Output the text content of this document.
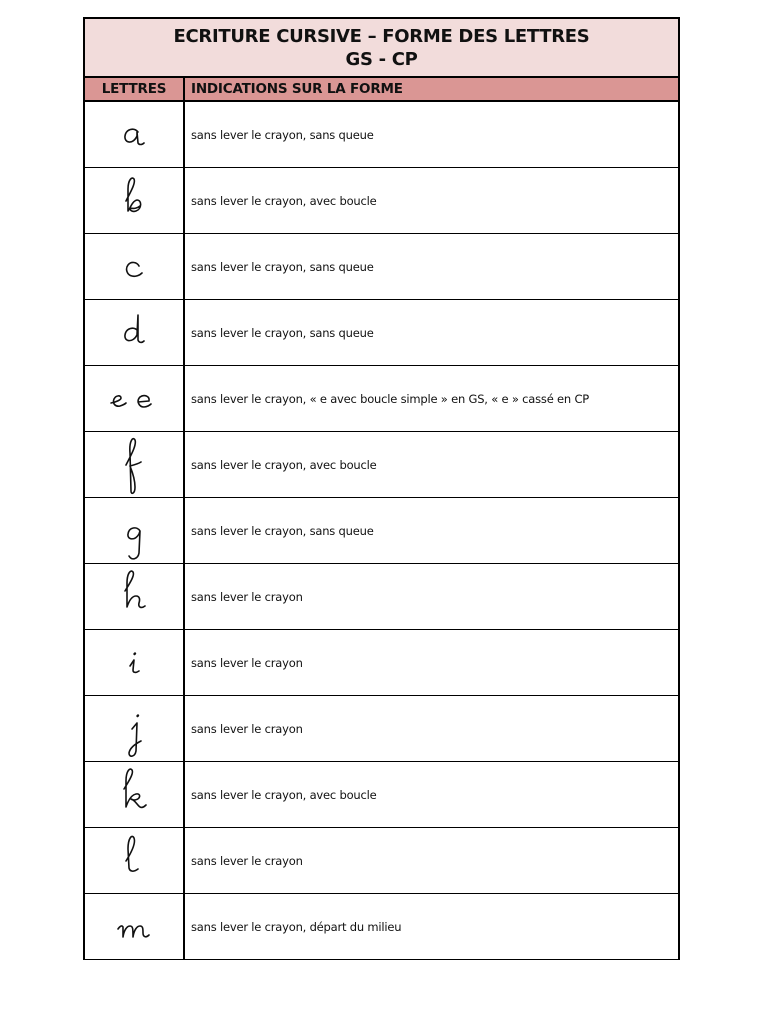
ECRITURE CURSIVE – FORME DES LETTRES
GS - CP
LETTRES INDICATIONS SUR LA FORME
sans lever le crayon, sans queue
sans lever le crayon, avec boucle
sans lever le crayon, sans queue
sans lever le crayon, sans queue
sans lever le crayon, « e avec boucle simple » en GS, « e » cassé en CP
sans lever le crayon, avec boucle
sans lever le crayon, sans queue
sans lever le crayon
sans lever le crayon
sans lever le crayon
sans lever le crayon, avec boucle
sans lever le crayon
sans lever le crayon, départ du milieu
